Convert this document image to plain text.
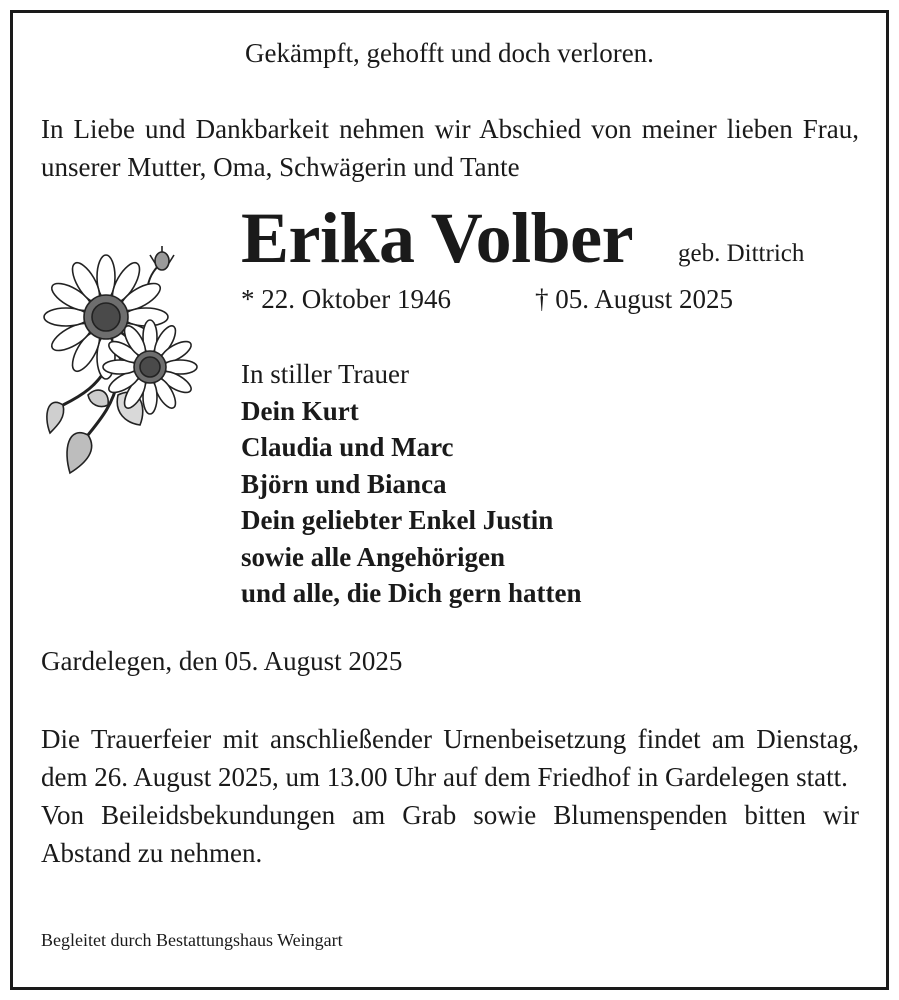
Gekämpft, gehofft und doch verloren.
In Liebe und Dankbarkeit nehmen wir Abschied von meiner lieben Frau, unserer Mutter, Oma, Schwägerin und Tante
Erika Volber geb. Dittrich
* 22. Oktober 1946	† 05. August 2025
In stiller Trauer
Dein Kurt
Claudia und Marc
Björn und Bianca
Dein geliebter Enkel Justin
sowie alle Angehörigen
und alle, die Dich gern hatten
Gardelegen, den 05. August 2025

Die Trauerfeier mit anschließender Urnenbeisetzung findet am Dienstag, dem 26. August 2025, um 13.00 Uhr auf dem Friedhof in Gardelegen statt.

Von Beileidsbekundungen am Grab sowie Blumenspenden bitten wir Abstand zu nehmen.

Begleitet durch Bestattungshaus Weingart
